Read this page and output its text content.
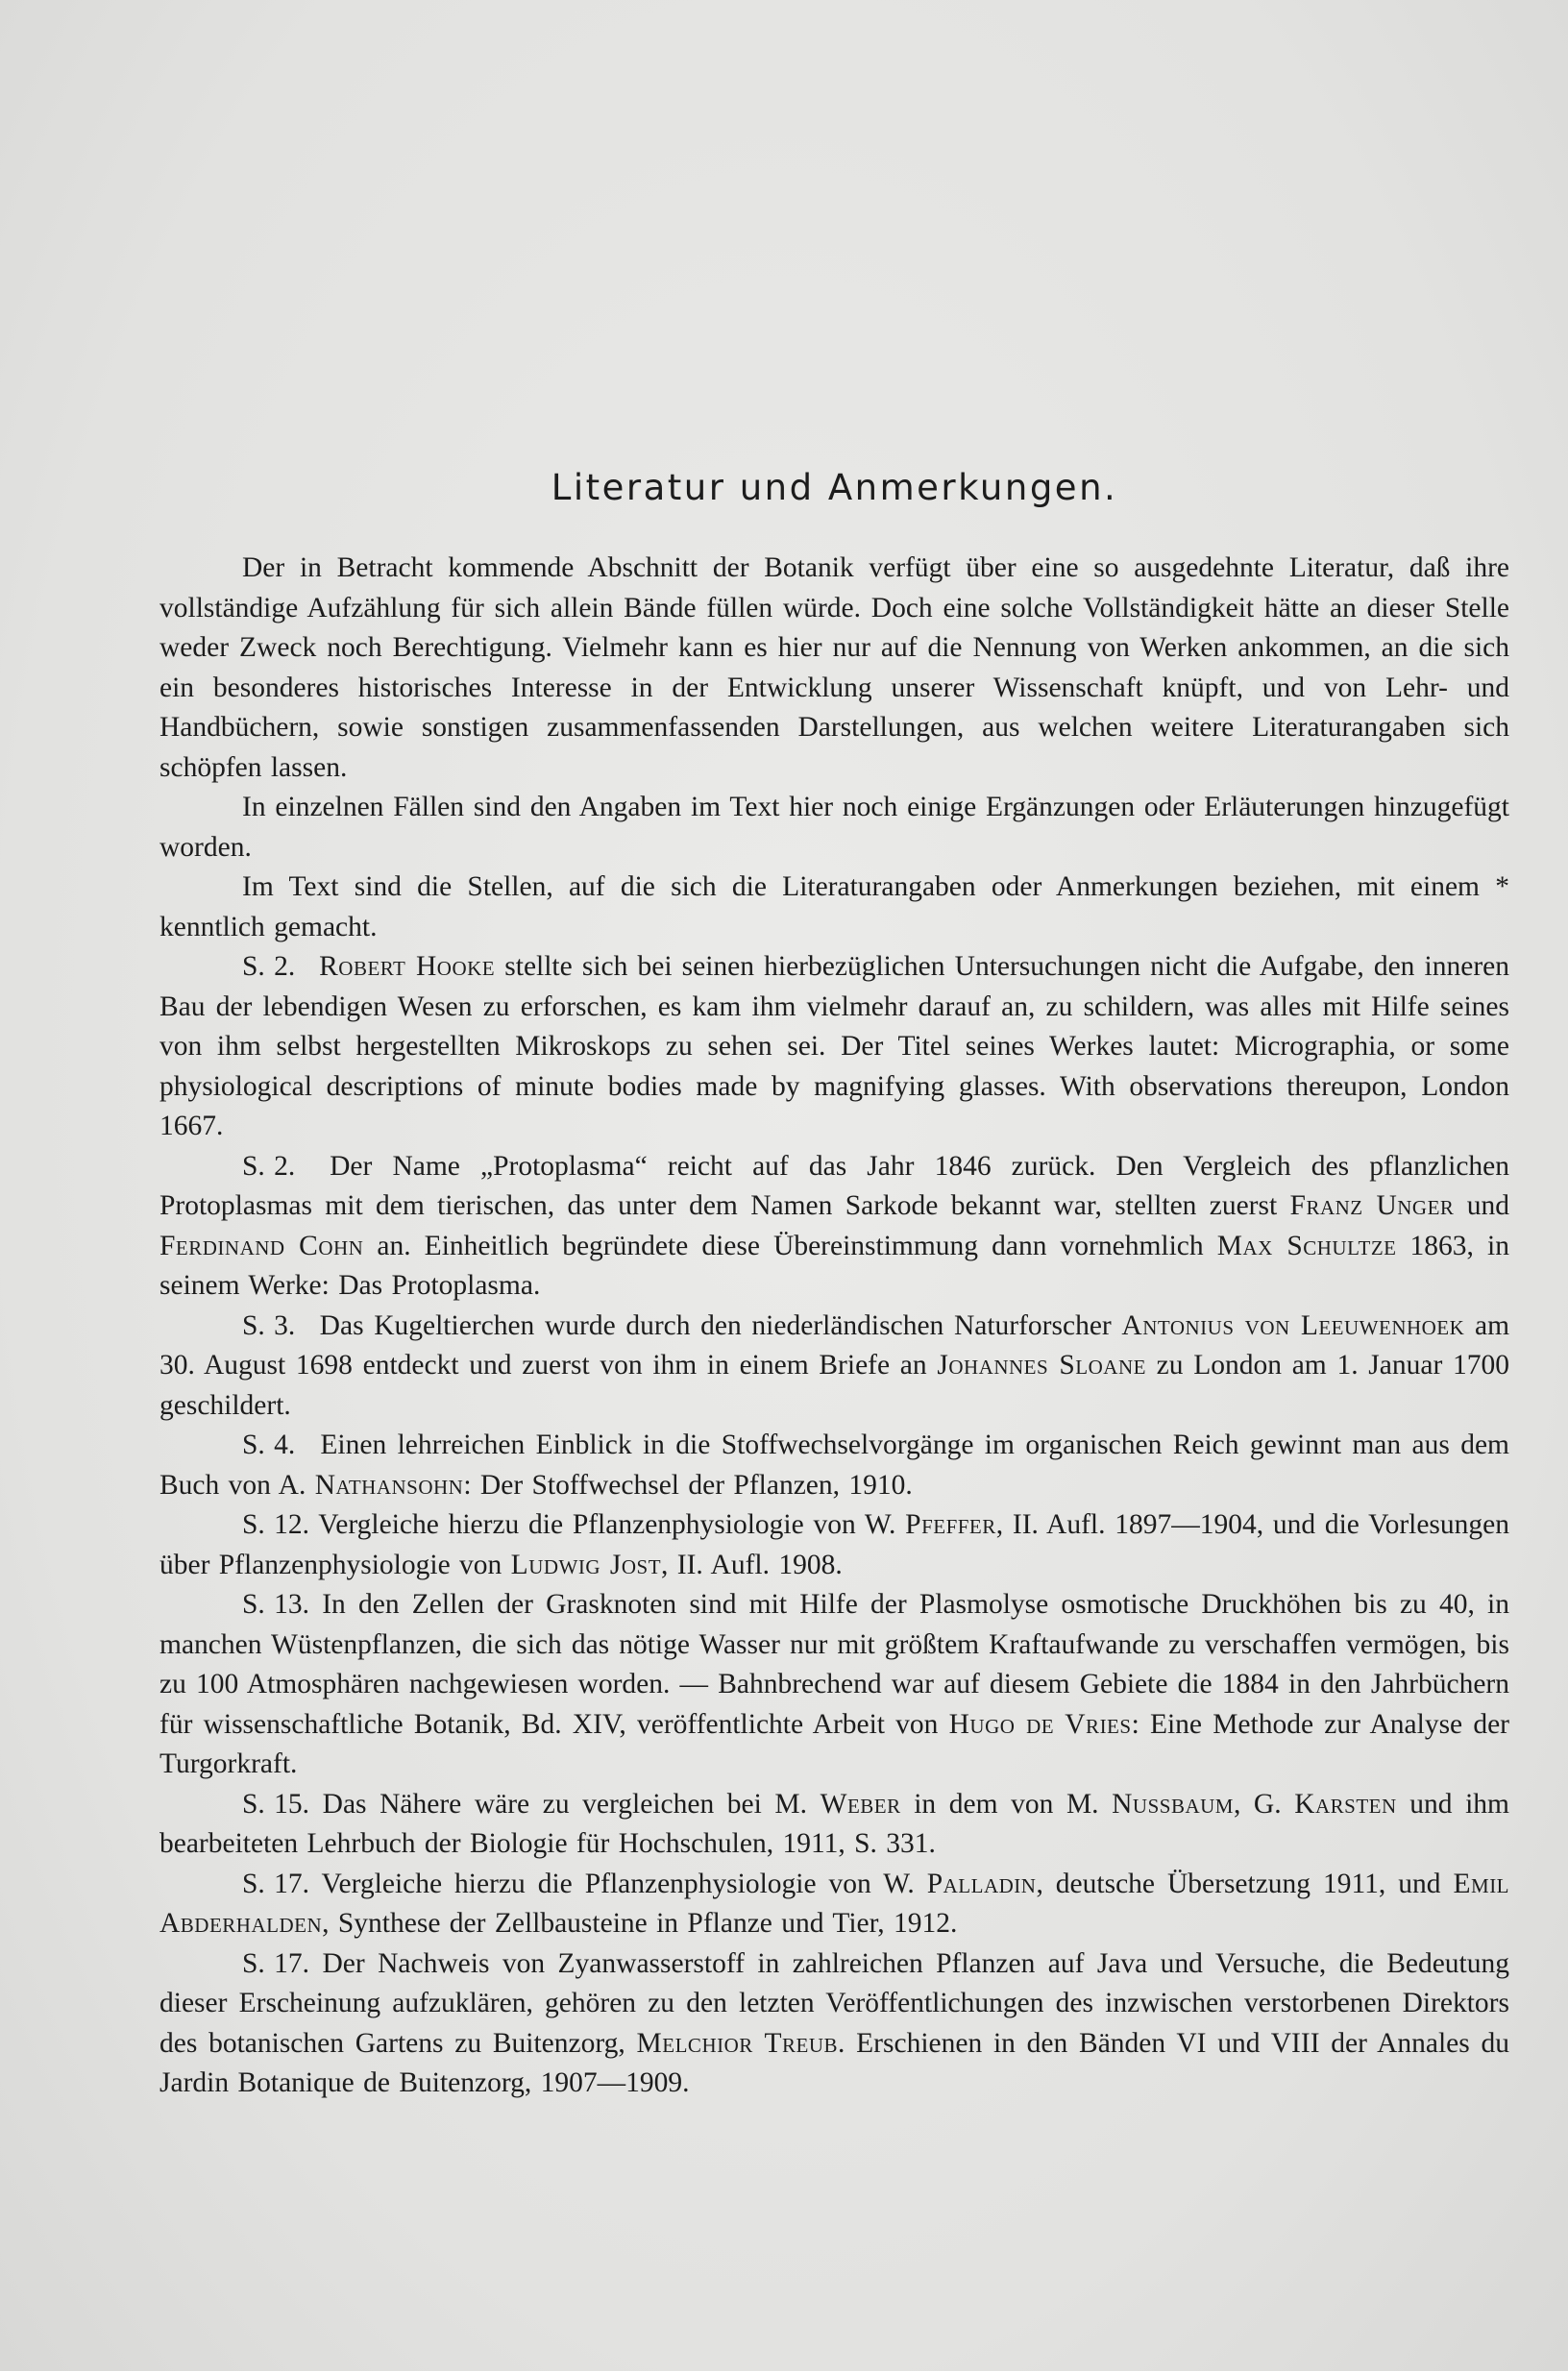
Literatur und Anmerkungen.

Der in Betracht kommende Abschnitt der Botanik verfügt über eine so ausgedehnte Literatur, daß ihre vollständige Aufzählung für sich allein Bände füllen würde. Doch eine solche Vollständigkeit hätte an dieser Stelle weder Zweck noch Berechtigung. Vielmehr kann es hier nur auf die Nennung von Werken ankommen, an die sich ein besonderes historisches Interesse in der Entwicklung unserer Wissenschaft knüpft, und von Lehr- und Handbüchern, sowie sonstigen zusammenfassenden Darstellungen, aus welchen weitere Literaturangaben sich schöpfen lassen.

In einzelnen Fällen sind den Angaben im Text hier noch einige Ergänzungen oder Erläuterungen hinzugefügt worden.

Im Text sind die Stellen, auf die sich die Literaturangaben oder Anmerkungen beziehen, mit einem * kenntlich gemacht.

S. 2. Robert Hooke stellte sich bei seinen hierbezüglichen Untersuchungen nicht die Aufgabe, den inneren Bau der lebendigen Wesen zu erforschen, es kam ihm vielmehr darauf an, zu schildern, was alles mit Hilfe seines von ihm selbst hergestellten Mikroskops zu sehen sei. Der Titel seines Werkes lautet: Micrographia, or some physiological descriptions of minute bodies made by magnifying glasses. With observations thereupon, London 1667.

S. 2. Der Name „Protoplasma“ reicht auf das Jahr 1846 zurück. Den Vergleich des pflanzlichen Protoplasmas mit dem tierischen, das unter dem Namen Sarkode bekannt war, stellten zuerst Franz Unger und Ferdinand Cohn an. Einheitlich begründete diese Übereinstimmung dann vornehmlich Max Schultze 1863, in seinem Werke: Das Protoplasma.

S. 3. Das Kugeltierchen wurde durch den niederländischen Naturforscher Antonius von Leeuwenhoek am 30. August 1698 entdeckt und zuerst von ihm in einem Briefe an Johannes Sloane zu London am 1. Januar 1700 geschildert.

S. 4. Einen lehrreichen Einblick in die Stoffwechselvorgänge im organischen Reich gewinnt man aus dem Buch von A. Nathansohn: Der Stoffwechsel der Pflanzen, 1910.

S. 12. Vergleiche hierzu die Pflanzenphysiologie von W. Pfeffer, II. Aufl. 1897—1904, und die Vorlesungen über Pflanzenphysiologie von Ludwig Jost, II. Aufl. 1908.

S. 13. In den Zellen der Grasknoten sind mit Hilfe der Plasmolyse osmotische Druckhöhen bis zu 40, in manchen Wüstenpflanzen, die sich das nötige Wasser nur mit größtem Kraftaufwande zu verschaffen vermögen, bis zu 100 Atmosphären nachgewiesen worden. — Bahnbrechend war auf diesem Gebiete die 1884 in den Jahrbüchern für wissenschaftliche Botanik, Bd. XIV, veröffentlichte Arbeit von Hugo de Vries: Eine Methode zur Analyse der Turgorkraft.

S. 15. Das Nähere wäre zu vergleichen bei M. Weber in dem von M. Nussbaum, G. Karsten und ihm bearbeiteten Lehrbuch der Biologie für Hochschulen, 1911, S. 331.

S. 17. Vergleiche hierzu die Pflanzenphysiologie von W. Palladin, deutsche Übersetzung 1911, und Emil Abderhalden, Synthese der Zellbausteine in Pflanze und Tier, 1912.

S. 17. Der Nachweis von Zyanwasserstoff in zahlreichen Pflanzen auf Java und Versuche, die Bedeutung dieser Erscheinung aufzuklären, gehören zu den letzten Veröffentlichungen des inzwischen verstorbenen Direktors des botanischen Gartens zu Buitenzorg, Melchior Treub. Erschienen in den Bänden VI und VIII der Annales du Jardin Botanique de Buitenzorg, 1907—1909.
